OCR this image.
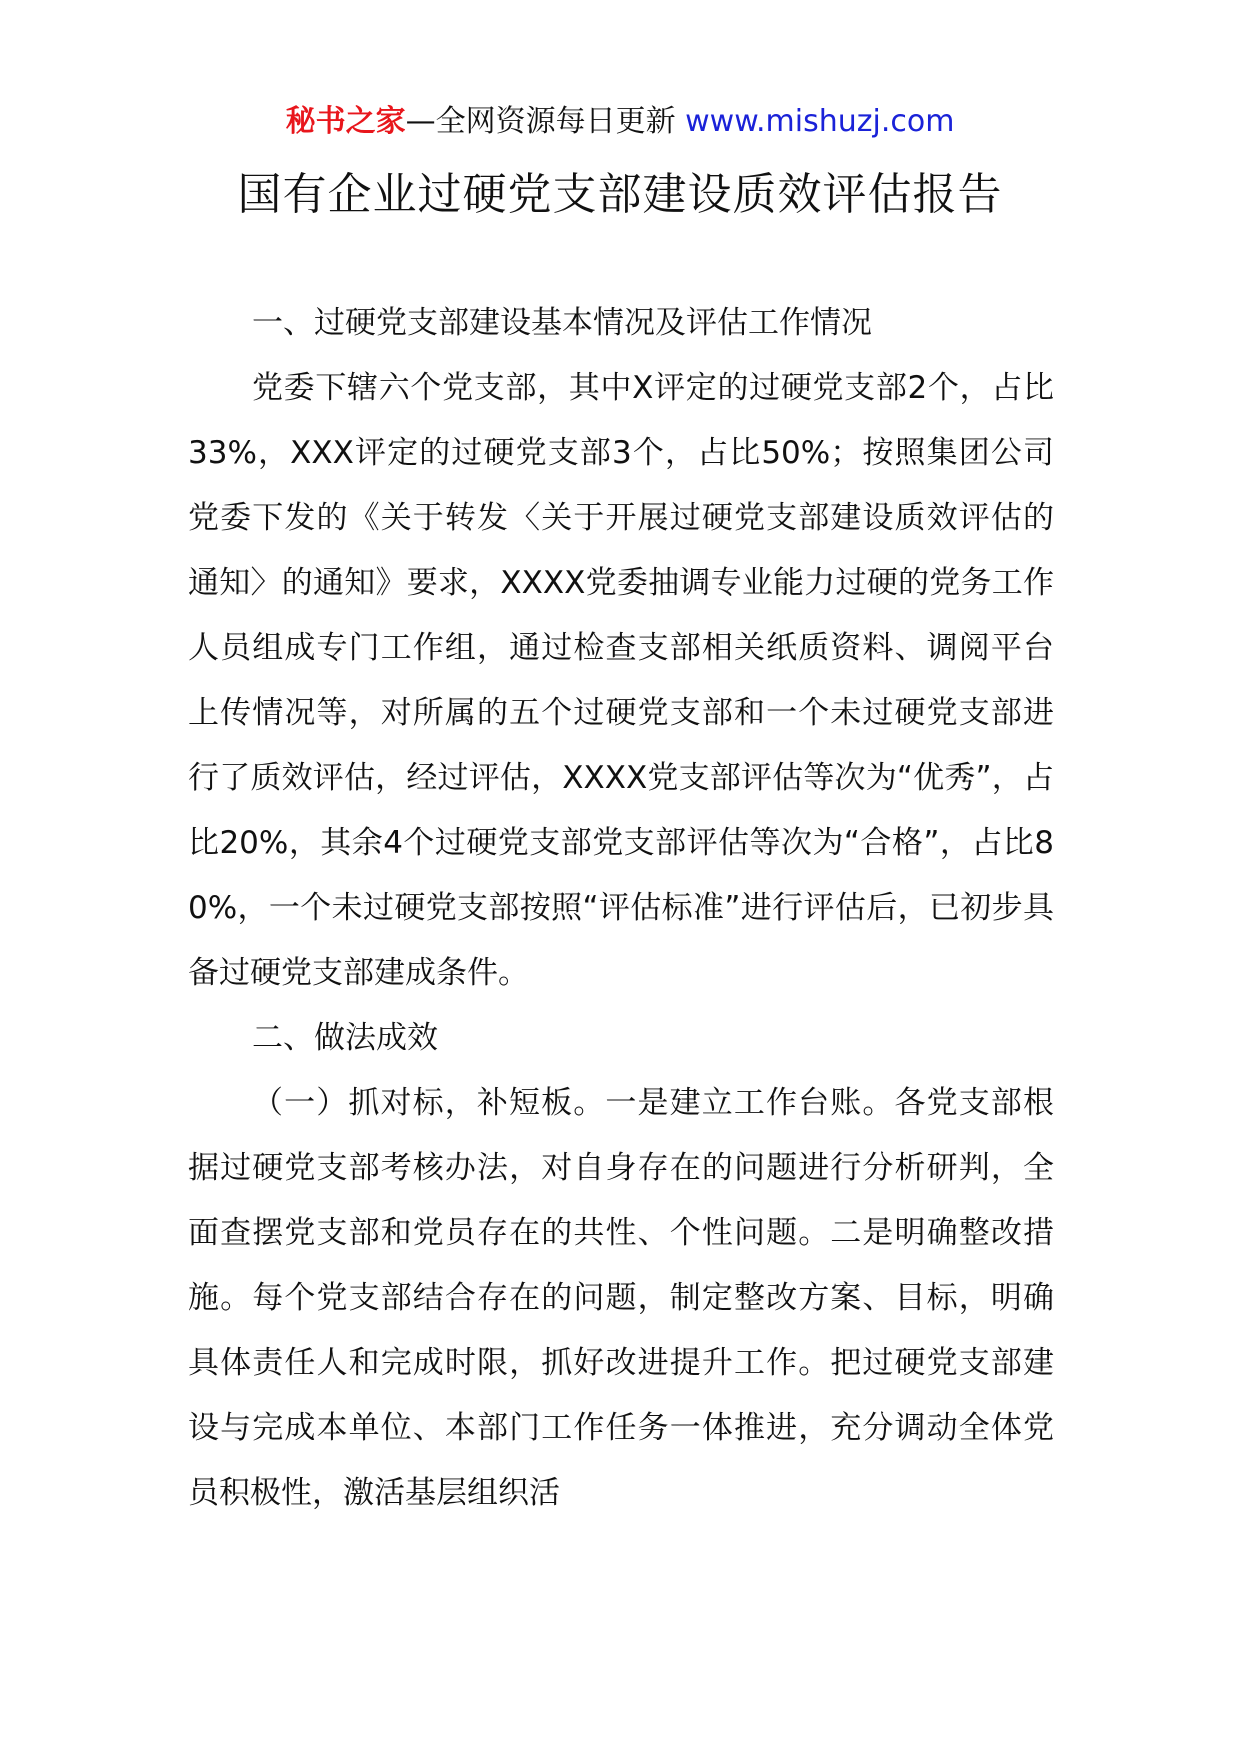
秘书之家—全网资源每日更新 www.mishuzj.com
国有企业过硬党支部建设质效评估报告

一、过硬党支部建设基本情况及评估工作情况

党委下辖六个党支部，其中X评定的过硬党支部2个，占比33%，XXX评定的过硬党支部3个，占比50%；按照集团公司党委下发的《关于转发〈关于开展过硬党支部建设质效评估的通知〉的通知》要求，XXXX党委抽调专业能力过硬的党务工作人员组成专门工作组，通过检查支部相关纸质资料、调阅平台上传情况等，对所属的五个过硬党支部和一个未过硬党支部进行了质效评估，经过评估，XXXX党支部评估等次为“优秀”，占比20%，其余4个过硬党支部党支部评估等次为“合格”，占比80%，一个未过硬党支部按照“评估标准”进行评估后，已初步具备过硬党支部建成条件。

二、做法成效

（一）抓对标，补短板。一是建立工作台账。各党支部根据过硬党支部考核办法，对自身存在的问题进行分析研判，全面查摆党支部和党员存在的共性、个性问题。二是明确整改措施。每个党支部结合存在的问题，制定整改方案、目标，明确具体责任人和完成时限，抓好改进提升工作。把过硬党支部建设与完成本单位、本部门工作任务一体推进，充分调动全体党员积极性，激活基层组织活
